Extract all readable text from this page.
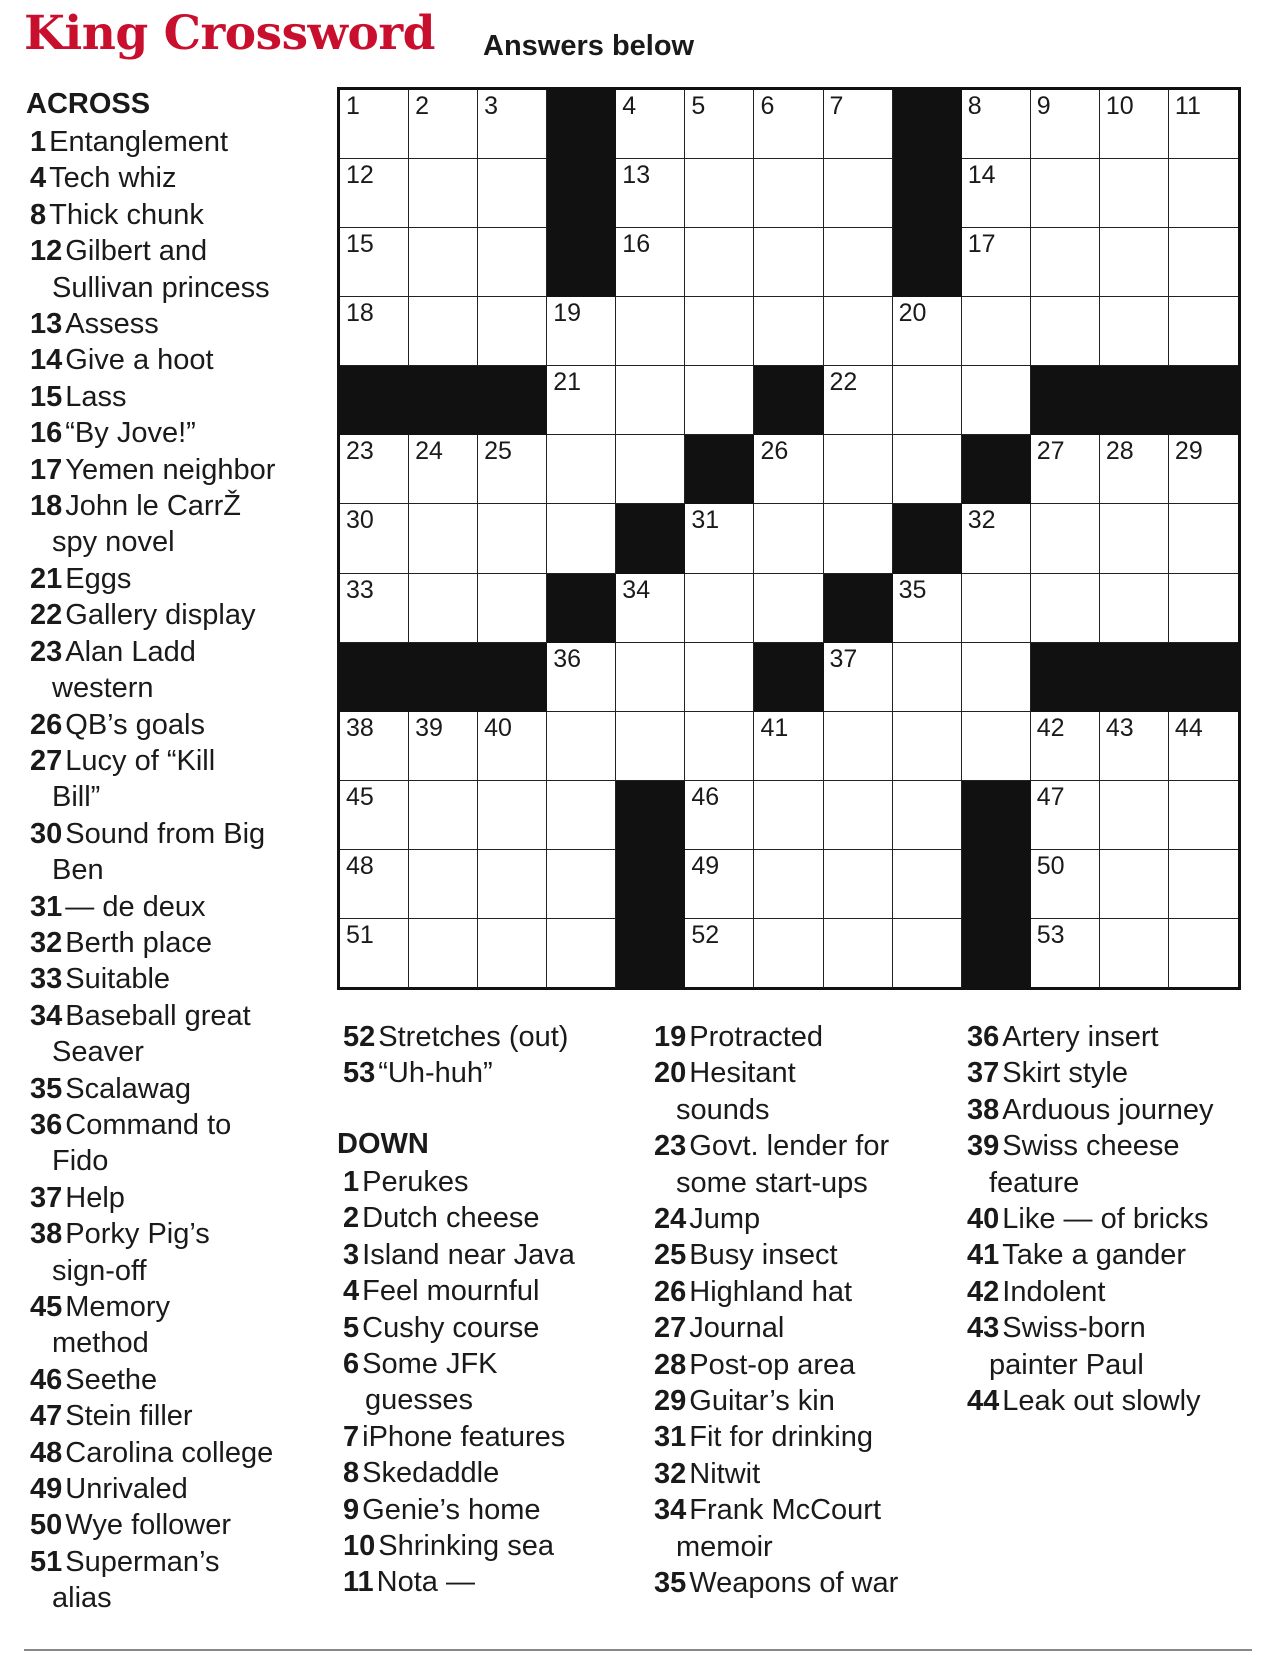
King Crossword Answers below
ACROSS
1 Entanglement
4 Tech whiz
8 Thick chunk
12 Gilbert and
Sullivan princess
13 Assess
14 Give a hoot
15 Lass
16 “By Jove!”
17 Yemen neighbor
18 John le CarrŽ
spy novel
21 Eggs
22 Gallery display
23 Alan Ladd
western
26 QB’s goals
27 Lucy of “Kill
Bill”
30 Sound from Big
Ben
31 — de deux
32 Berth place
33 Suitable
34 Baseball great
Seaver
35 Scalawag
36 Command to
Fido
37 Help
38 Porky Pig’s
sign-off
45 Memory
method
46 Seethe
47 Stein filler
48 Carolina college
49 Unrivaled
50 Wye follower
51 Superman’s
alias
52 Stretches (out)
53 “Uh-huh”
DOWN
1 Perukes
2 Dutch cheese
3 Island near Java
4 Feel mournful
5 Cushy course
6 Some JFK
guesses
7 iPhone features
8 Skedaddle
9 Genie’s home
10 Shrinking sea
11 Nota —
19 Protracted
20 Hesitant
sounds
23 Govt. lender for
some start-ups
24 Jump
25 Busy insect
26 Highland hat
27 Journal
28 Post-op area
29 Guitar’s kin
31 Fit for drinking
32 Nitwit
34 Frank McCourt
memoir
35 Weapons of war
36 Artery insert
37 Skirt style
38 Arduous journey
39 Swiss cheese
feature
40 Like — of bricks
41 Take a gander
42 Indolent
43 Swiss-born
painter Paul
44 Leak out slowly
1 2 3	4 5 6 7	8 9 10 11
12	13	14
15	16	17
18	19	20
21	22
23 24 25	26	27 28 29
30	31	32
33	34	35
36	37
38 39 40	41	42 43 44
45	46	47
48	49	50
51	52	53
